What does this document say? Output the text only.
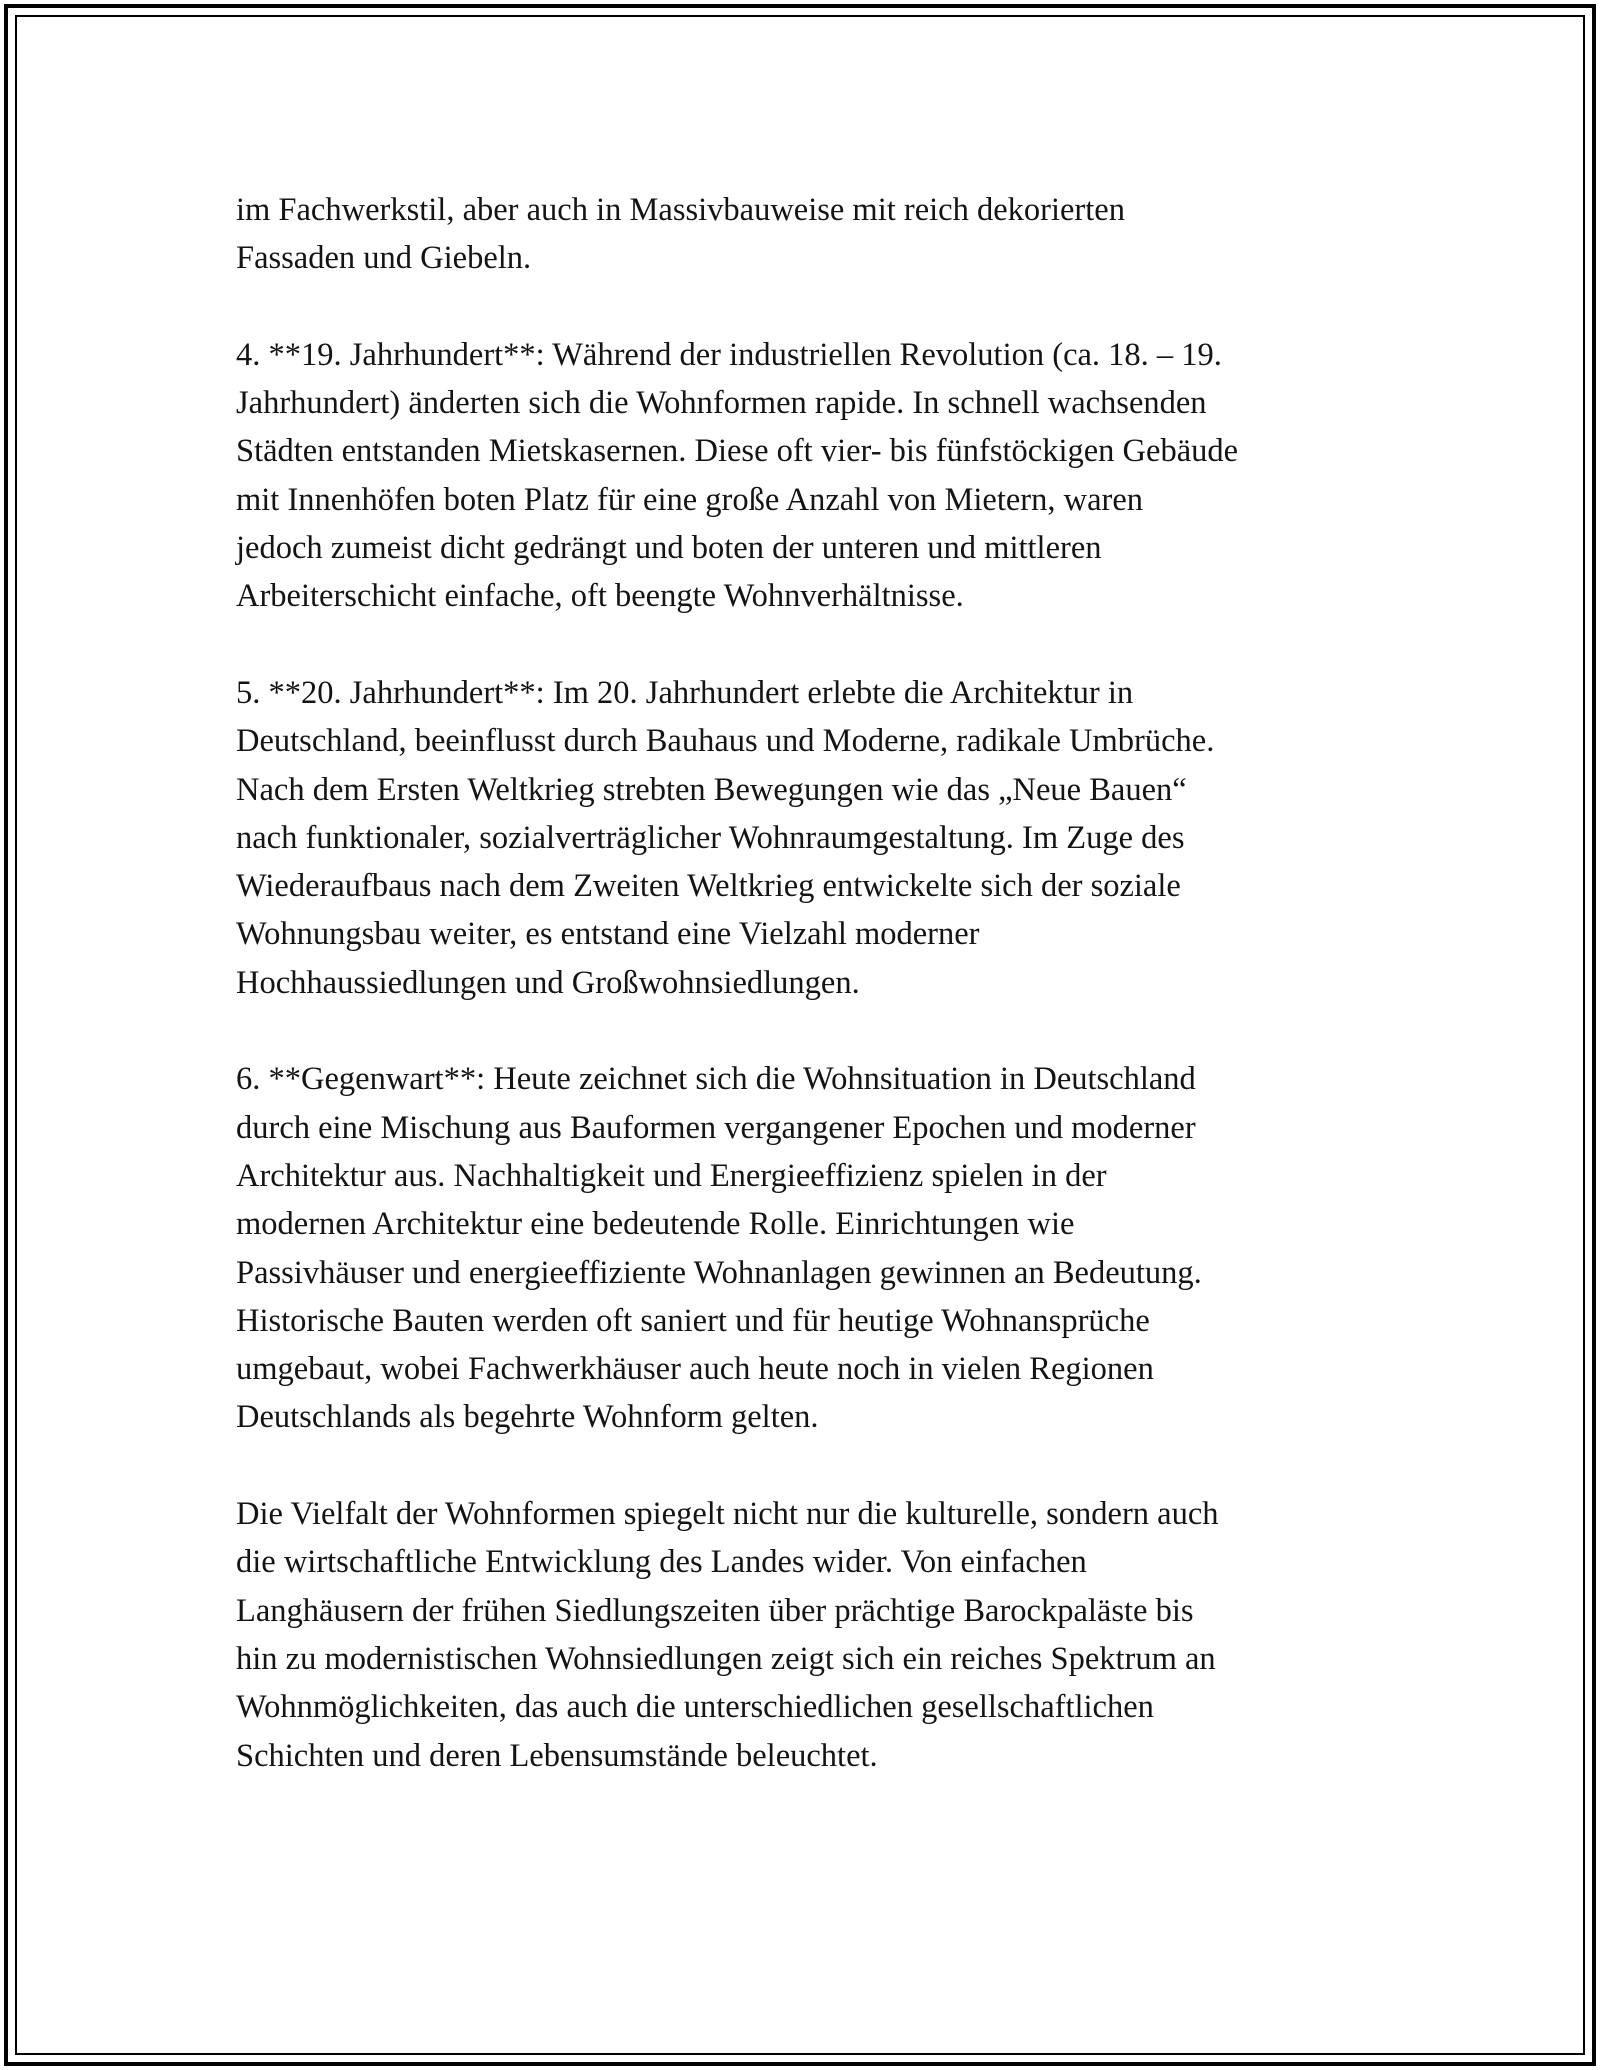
im Fachwerkstil, aber auch in Massivbauweise mit reich dekorierten
Fassaden und Giebeln.

4. **19. Jahrhundert**: Während der industriellen Revolution (ca. 18. – 19.
Jahrhundert) änderten sich die Wohnformen rapide. In schnell wachsenden
Städten entstanden Mietskasernen. Diese oft vier- bis fünfstöckigen Gebäude
mit Innenhöfen boten Platz für eine große Anzahl von Mietern, waren
jedoch zumeist dicht gedrängt und boten der unteren und mittleren
Arbeiterschicht einfache, oft beengte Wohnverhältnisse.

5. **20. Jahrhundert**: Im 20. Jahrhundert erlebte die Architektur in
Deutschland, beeinflusst durch Bauhaus und Moderne, radikale Umbrüche.
Nach dem Ersten Weltkrieg strebten Bewegungen wie das „Neue Bauen“
nach funktionaler, sozialverträglicher Wohnraumgestaltung. Im Zuge des
Wiederaufbaus nach dem Zweiten Weltkrieg entwickelte sich der soziale
Wohnungsbau weiter, es entstand eine Vielzahl moderner
Hochhaussiedlungen und Großwohnsiedlungen.

6. **Gegenwart**: Heute zeichnet sich die Wohnsituation in Deutschland
durch eine Mischung aus Bauformen vergangener Epochen und moderner
Architektur aus. Nachhaltigkeit und Energieeffizienz spielen in der
modernen Architektur eine bedeutende Rolle. Einrichtungen wie
Passivhäuser und energieeffiziente Wohnanlagen gewinnen an Bedeutung.
Historische Bauten werden oft saniert und für heutige Wohnansprüche
umgebaut, wobei Fachwerkhäuser auch heute noch in vielen Regionen
Deutschlands als begehrte Wohnform gelten.

Die Vielfalt der Wohnformen spiegelt nicht nur die kulturelle, sondern auch
die wirtschaftliche Entwicklung des Landes wider. Von einfachen
Langhäusern der frühen Siedlungszeiten über prächtige Barockpaläste bis
hin zu modernistischen Wohnsiedlungen zeigt sich ein reiches Spektrum an
Wohnmöglichkeiten, das auch die unterschiedlichen gesellschaftlichen
Schichten und deren Lebensumstände beleuchtet.
